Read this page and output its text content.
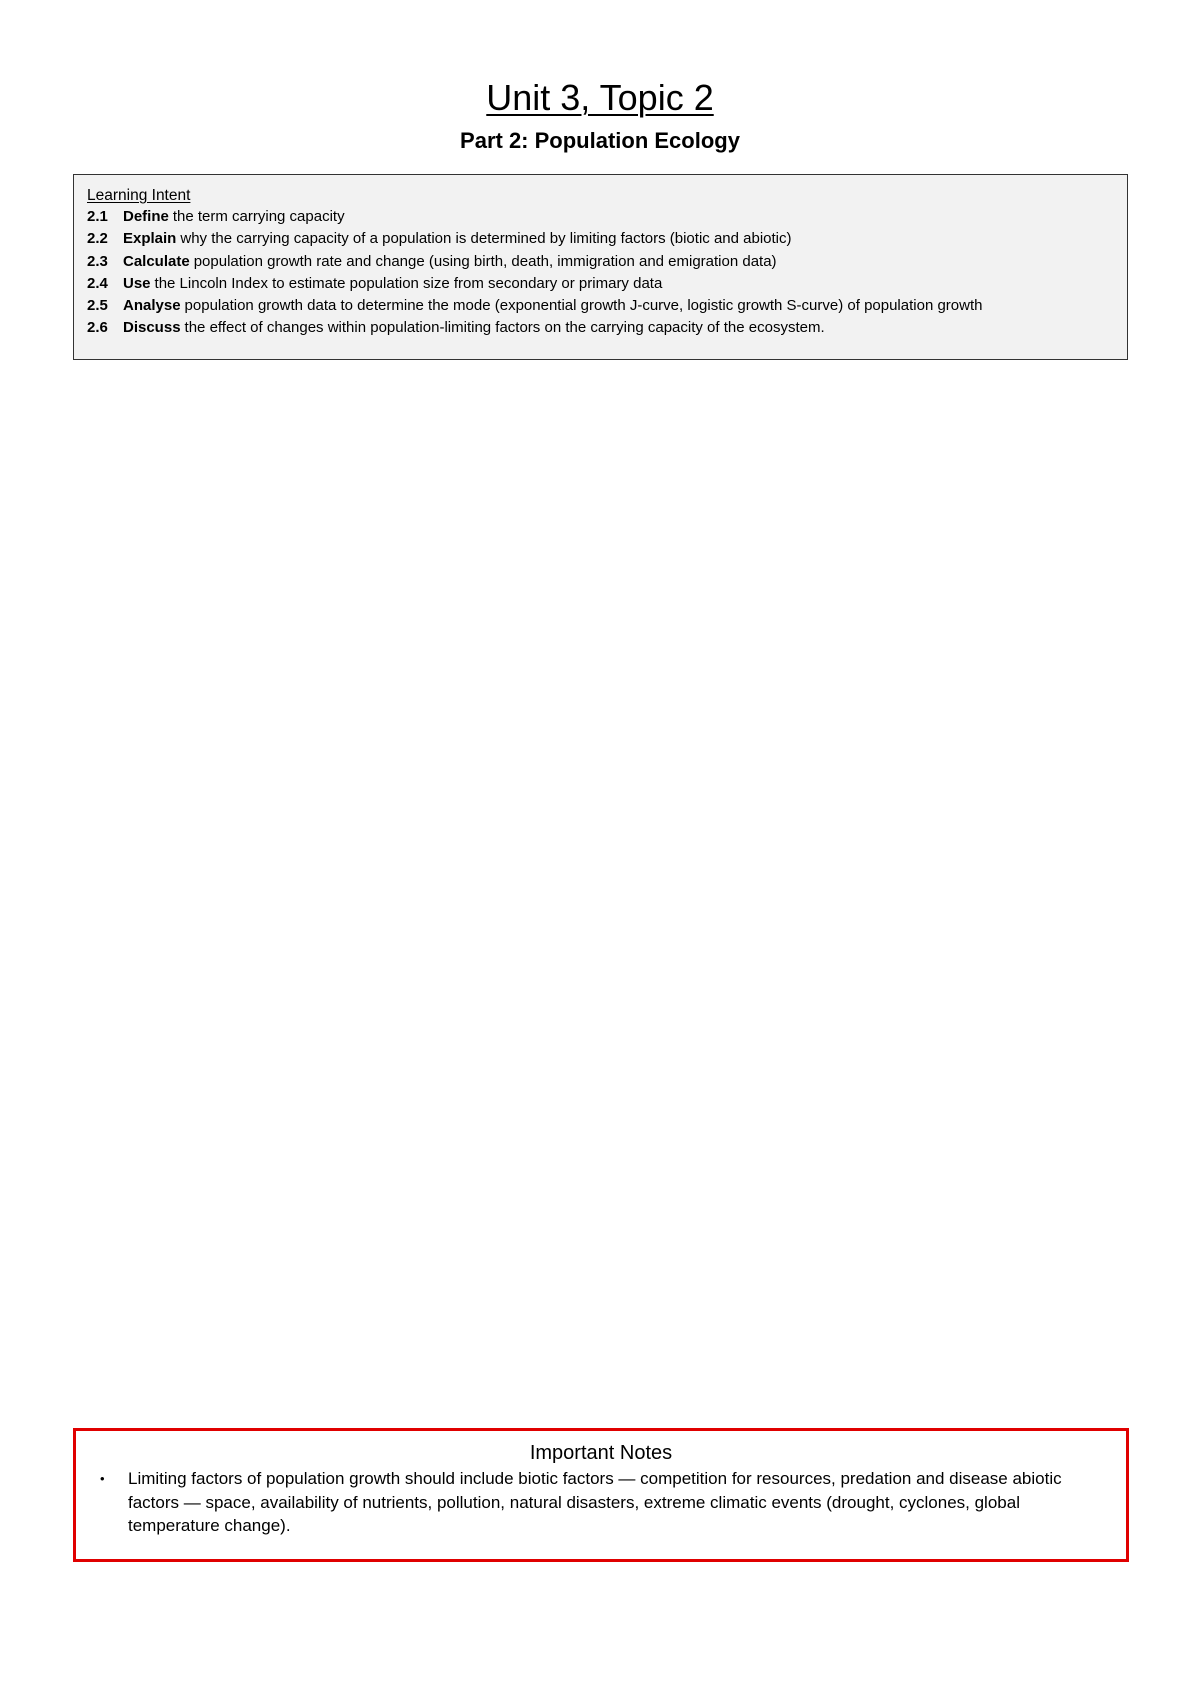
Unit 3, Topic 2
Part 2: Population Ecology
Learning Intent
2.1	Define the term carrying capacity
2.2	Explain why the carrying capacity of a population is determined by limiting factors (biotic and abiotic)
2.3	Calculate population growth rate and change (using birth, death, immigration and emigration data)
2.4	Use the Lincoln Index to estimate population size from secondary or primary data
2.5	Analyse population growth data to determine the mode (exponential growth J-curve, logistic growth S-curve) of population growth
2.6	Discuss the effect of changes within population-limiting factors on the carrying capacity of the ecosystem.
Important Notes
•	Limiting factors of population growth should include biotic factors — competition for resources, predation and disease abiotic factors — space, availability of nutrients, pollution, natural disasters, extreme climatic events (drought, cyclones, global temperature change).
